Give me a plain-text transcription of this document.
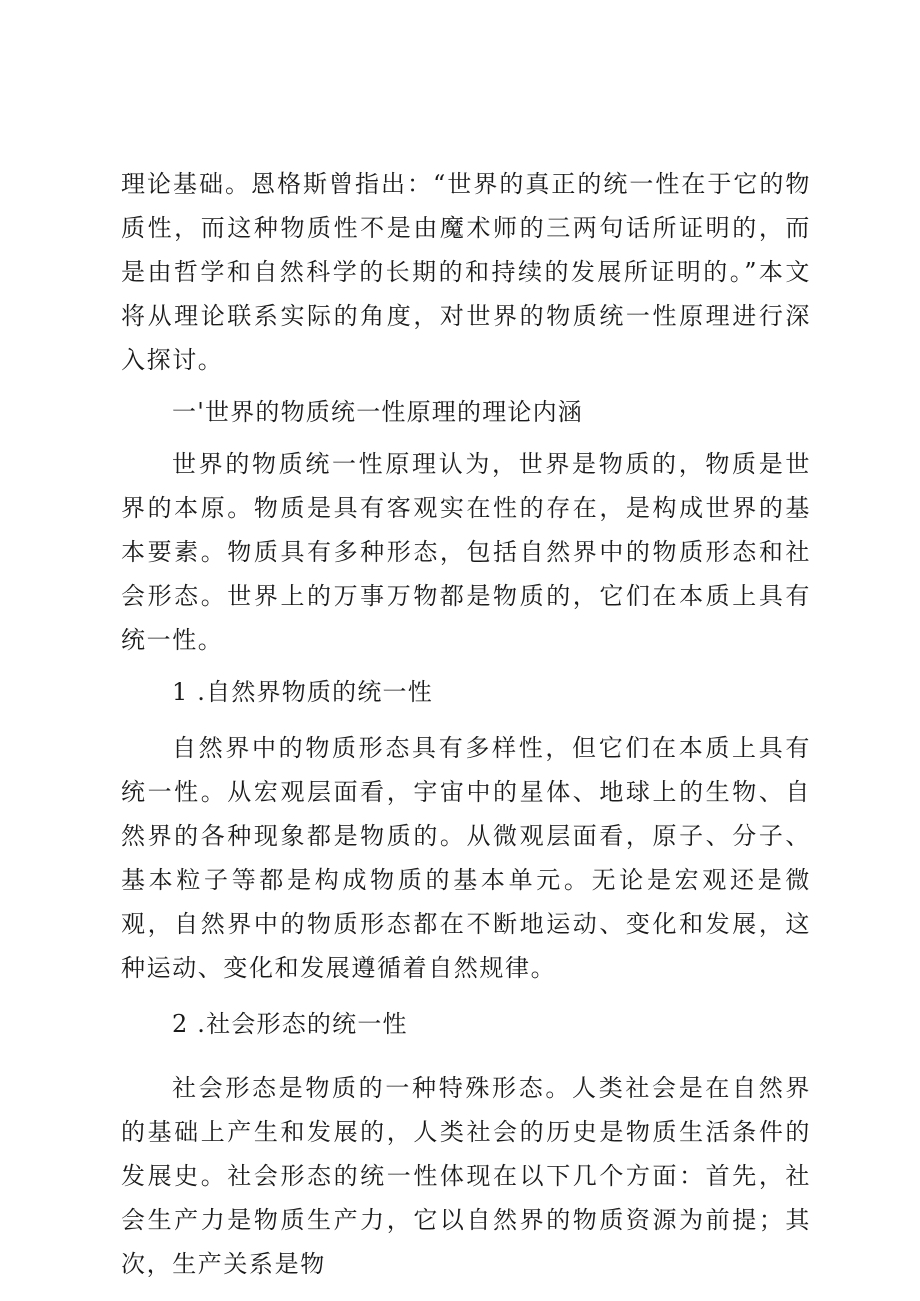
理论基础。恩格斯曾指出：“世界的真正的统一性在于它的物质性，而这种物质性不是由魔术师的三两句话所证明的，而是由哲学和自然科学的长期的和持续的发展所证明的。”本文将从理论联系实际的角度，对世界的物质统一性原理进行深入探讨。

一'世界的物质统一性原理的理论内涵

世界的物质统一性原理认为，世界是物质的，物质是世界的本原。物质是具有客观实在性的存在，是构成世界的基本要素。物质具有多种形态，包括自然界中的物质形态和社会形态。世界上的万事万物都是物质的，它们在本质上具有统一性。

1 .自然界物质的统一性

自然界中的物质形态具有多样性，但它们在本质上具有统一性。从宏观层面看，宇宙中的星体、地球上的生物、自然界的各种现象都是物质的。从微观层面看，原子、分子、基本粒子等都是构成物质的基本单元。无论是宏观还是微观，自然界中的物质形态都在不断地运动、变化和发展，这种运动、变化和发展遵循着自然规律。

2 .社会形态的统一性

社会形态是物质的一种特殊形态。人类社会是在自然界的基础上产生和发展的，人类社会的历史是物质生活条件的发展史。社会形态的统一性体现在以下几个方面：首先，社会生产力是物质生产力，它以自然界的物质资源为前提；其次，生产关系是物
